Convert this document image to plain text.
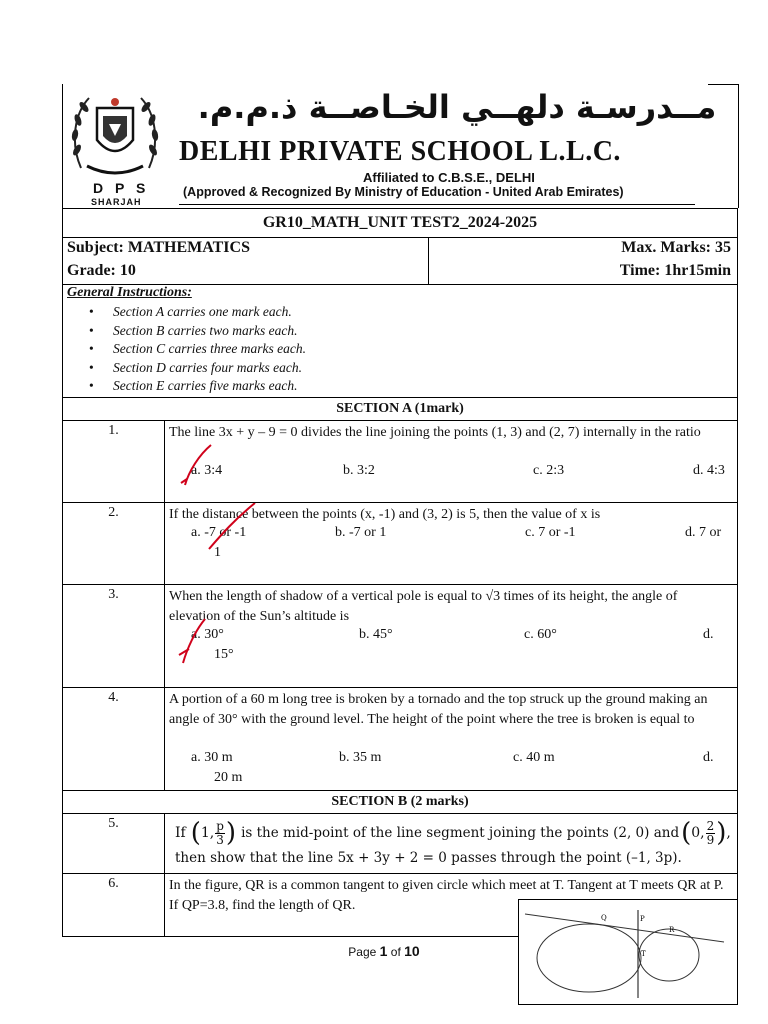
مــدرسـة دلهــي الخـاصــة ذ.م.م.
DELHI PRIVATE SCHOOL L.L.C.
Affiliated to C.B.S.E., DELHI
(Approved & Recognized By Ministry of Education - United Arab Emirates)
D P S
SHARJAH
GR10_MATH_UNIT TEST2_2024-2025
Subject: MATHEMATICS
Grade: 10
Max. Marks: 35
Time: 1hr15min
General Instructions:
• Section A carries one mark each.
• Section B carries two marks each.
• Section C carries three marks each.
• Section D carries four marks each.
• Section E carries five marks each.
SECTION A (1mark)
1.	The line 3x + y – 9 = 0 divides the line joining the points (1, 3) and (2, 7) internally in the ratio
a. 3:4	b. 3:2	c. 2:3	d. 4:3
2.	If the distance between the points (x, -1) and (3, 2) is 5, then the value of x is
a. -7 or -1	b. -7 or 1	c. 7 or -1	d. 7 or
1
3.	When the length of shadow of a vertical pole is equal to √3 times of its height, the angle of elevation of the Sun’s altitude is
a. 30°	b. 45°	c. 60°	d.
15°
4.	A portion of a 60 m long tree is broken by a tornado and the top struck up the ground making an angle of 30° with the ground level. The height of the point where the tree is broken is equal to
a. 30 m	b. 35 m	c. 40 m	d.
20 m
SECTION B (2 marks)
5.
If ( 1, p
3 ) is the mid-point of the line segment joining the points (2, 0) and ( 0, 2
9 ) ,
then show that the line 5x + 3y + 2 = 0 passes through the point (–1, 3p).
6.	In the figure, QR is a common tangent to given circle which meet at T. Tangent at T meets QR at P. If QP=3.8, find the length of QR.
Q	P
R
T
Page 1 of 10
